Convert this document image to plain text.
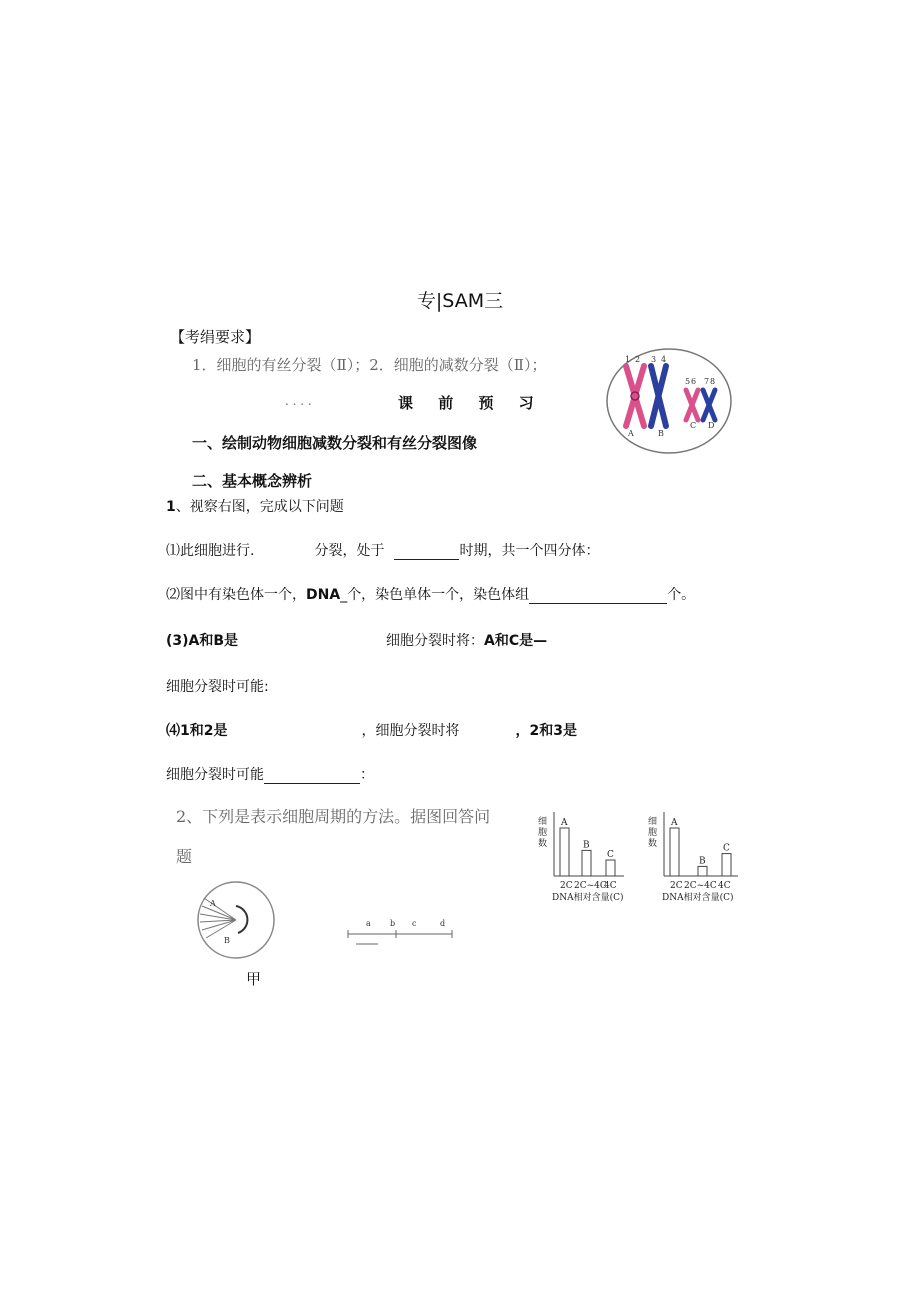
专|SAM三
【考绢要求】
1．细胞的有丝分裂（Ⅱ）；2．细胞的减数分裂（Ⅱ）；
. . . .	课 前 预 习
一、绘制动物细胞减数分裂和有丝分裂图像
二、基本概念辨析
1、视察右图，完成以下问题
⑴此细胞进行.	分裂，处于	时期，共一个四分体：
⑵图中有染色体一个，DNA_个，染色单体一个，染色体组	个。
(3)A和B是	细胞分裂时将：A和C是—
细胞分裂时可能:
⑷1和2是	，细胞分裂时将	，2和3是
细胞分裂时可能	：
2、下列是表示细胞周期的方法。据图回答问
题
1 2 3 4
5 6 7 8
A	B
C D
A
B
甲
a b c	d
细
胞
数
A
B
C
2C 2C~4C
4C
DNA相对含量(C)
细
胞
数
A
B
C
2C 2C~4C 4C
DNA相对含量(C)
